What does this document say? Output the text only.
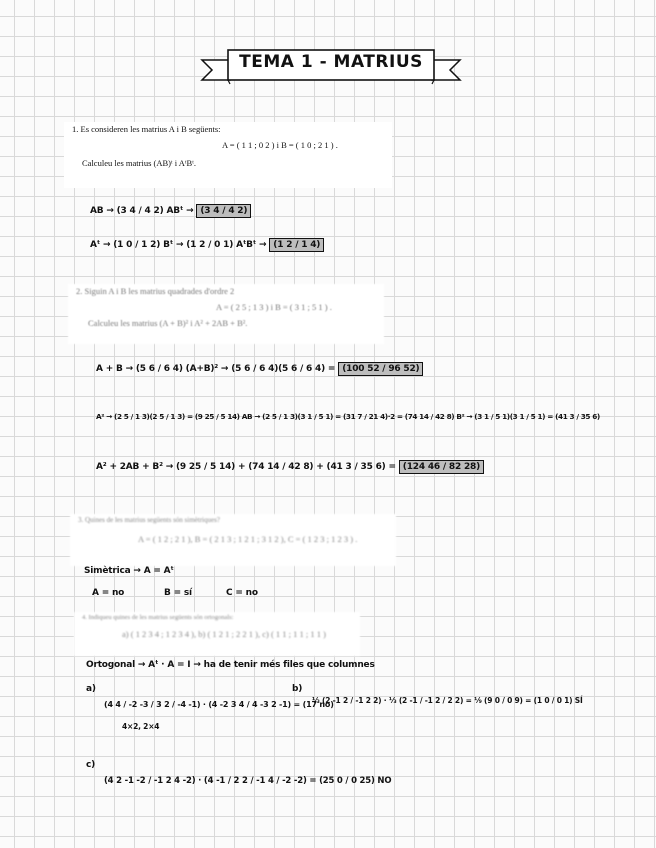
TEMA 1 - MATRIUS
1. Es consideren les matrius A i B següents:
A = ( 1 1 ; 0 2 ) i B = ( 1 0 ; 2 1 ) .
Calculeu les matrius (AB)ᵗ i AᵗBᵗ.
AB → (3 4 / 4 2) ABᵗ → (3 4 / 4 2)
Aᵗ → (1 0 / 1 2) Bᵗ → (1 2 / 0 1) AᵗBᵗ → (1 2 / 1 4)
2. Siguin A i B les matrius quadrades d'ordre 2
A = ( 2 5 ; 1 3 ) i B = ( 3 1 ; 5 1 ) .
Calculeu les matrius (A + B)² i A² + 2AB + B².
A + B → (5 6 / 6 4) (A+B)² → (5 6 / 6 4)(5 6 / 6 4) = (100 52 / 96 52)
A² → (2 5 / 1 3)(2 5 / 1 3) = (9 25 / 5 14) AB → (2 5 / 1 3)(3 1 / 5 1) = (31 7 / 21 4)·2 = (74 14 / 42 8) B² → (3 1 / 5 1)(3 1 / 5 1) = (41 3 / 35 6)
A² + 2AB + B² → (9 25 / 5 14) + (74 14 / 42 8) + (41 3 / 35 6) = (124 46 / 82 28)
3. Quines de les matrius següents són simètriques?
A = ( 1 2 ; 2 1 ), B = ( 2 1 3 ; 1 2 1 ; 3 1 2 ), C = ( 1 2 3 ; 1 2 3 ) .
Simètrica → A = Aᵗ
A = no	B = sí	C = no
4. Indiqueu quines de les matrius següents són ortogonals:
a) ( 1 2 3 4 ; 1 2 3 4 ), b) ( 1 2 1 ; 2 2 1 ), c) ( 1 1 ; 1 1 ; 1 1 )
Ortogonal → Aᵗ · A = I → ha de tenir més files que columnes
a)
(4 4 / -2 -3 / 3 2 / -4 -1) · (4 -2 3 4 / 4 -3 2 -1) = (17 no)
4×2, 2×4
b)
⅓ (2 -1 2 / -1 2 2) · ⅓ (2 -1 / -1 2 / 2 2) = ⅑ (9 0 / 0 9) = (1 0 / 0 1) SÍ
c)
(4 2 -1 -2 / -1 2 4 -2) · (4 -1 / 2 2 / -1 4 / -2 -2) = (25 0 / 0 25) NO
